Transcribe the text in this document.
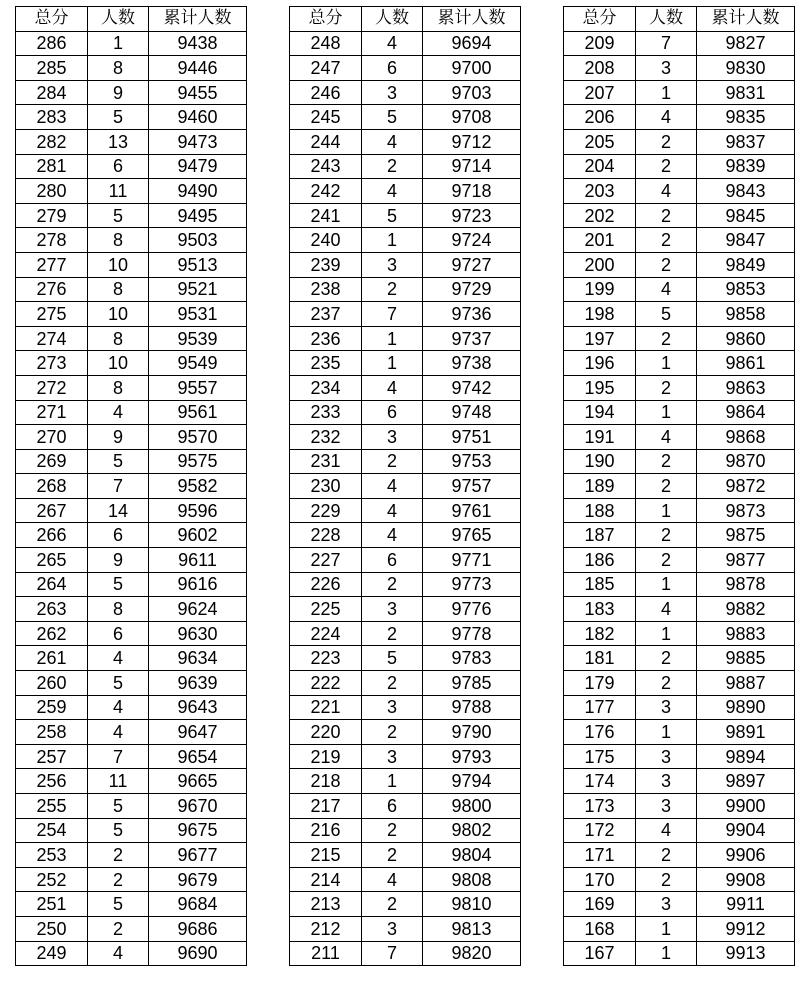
总分	人数	累计人数
286	1	9438
285	8	9446
284	9	9455
283	5	9460
282	13	9473
281	6	9479
280	11	9490
279	5	9495
278	8	9503
277	10	9513
276	8	9521
275	10	9531
274	8	9539
273	10	9549
272	8	9557
271	4	9561
270	9	9570
269	5	9575
268	7	9582
267	14	9596
266	6	9602
265	9	9611
264	5	9616
263	8	9624
262	6	9630
261	4	9634
260	5	9639
259	4	9643
258	4	9647
257	7	9654
256	11	9665
255	5	9670
254	5	9675
253	2	9677
252	2	9679
251	5	9684
250	2	9686
249	4	9690
总分	人数	累计人数
248	4	9694
247	6	9700
246	3	9703
245	5	9708
244	4	9712
243	2	9714
242	4	9718
241	5	9723
240	1	9724
239	3	9727
238	2	9729
237	7	9736
236	1	9737
235	1	9738
234	4	9742
233	6	9748
232	3	9751
231	2	9753
230	4	9757
229	4	9761
228	4	9765
227	6	9771
226	2	9773
225	3	9776
224	2	9778
223	5	9783
222	2	9785
221	3	9788
220	2	9790
219	3	9793
218	1	9794
217	6	9800
216	2	9802
215	2	9804
214	4	9808
213	2	9810
212	3	9813
211	7	9820
总分	人数	累计人数
209	7	9827
208	3	9830
207	1	9831
206	4	9835
205	2	9837
204	2	9839
203	4	9843
202	2	9845
201	2	9847
200	2	9849
199	4	9853
198	5	9858
197	2	9860
196	1	9861
195	2	9863
194	1	9864
191	4	9868
190	2	9870
189	2	9872
188	1	9873
187	2	9875
186	2	9877
185	1	9878
183	4	9882
182	1	9883
181	2	9885
179	2	9887
177	3	9890
176	1	9891
175	3	9894
174	3	9897
173	3	9900
172	4	9904
171	2	9906
170	2	9908
169	3	9911
168	1	9912
167	1	9913
